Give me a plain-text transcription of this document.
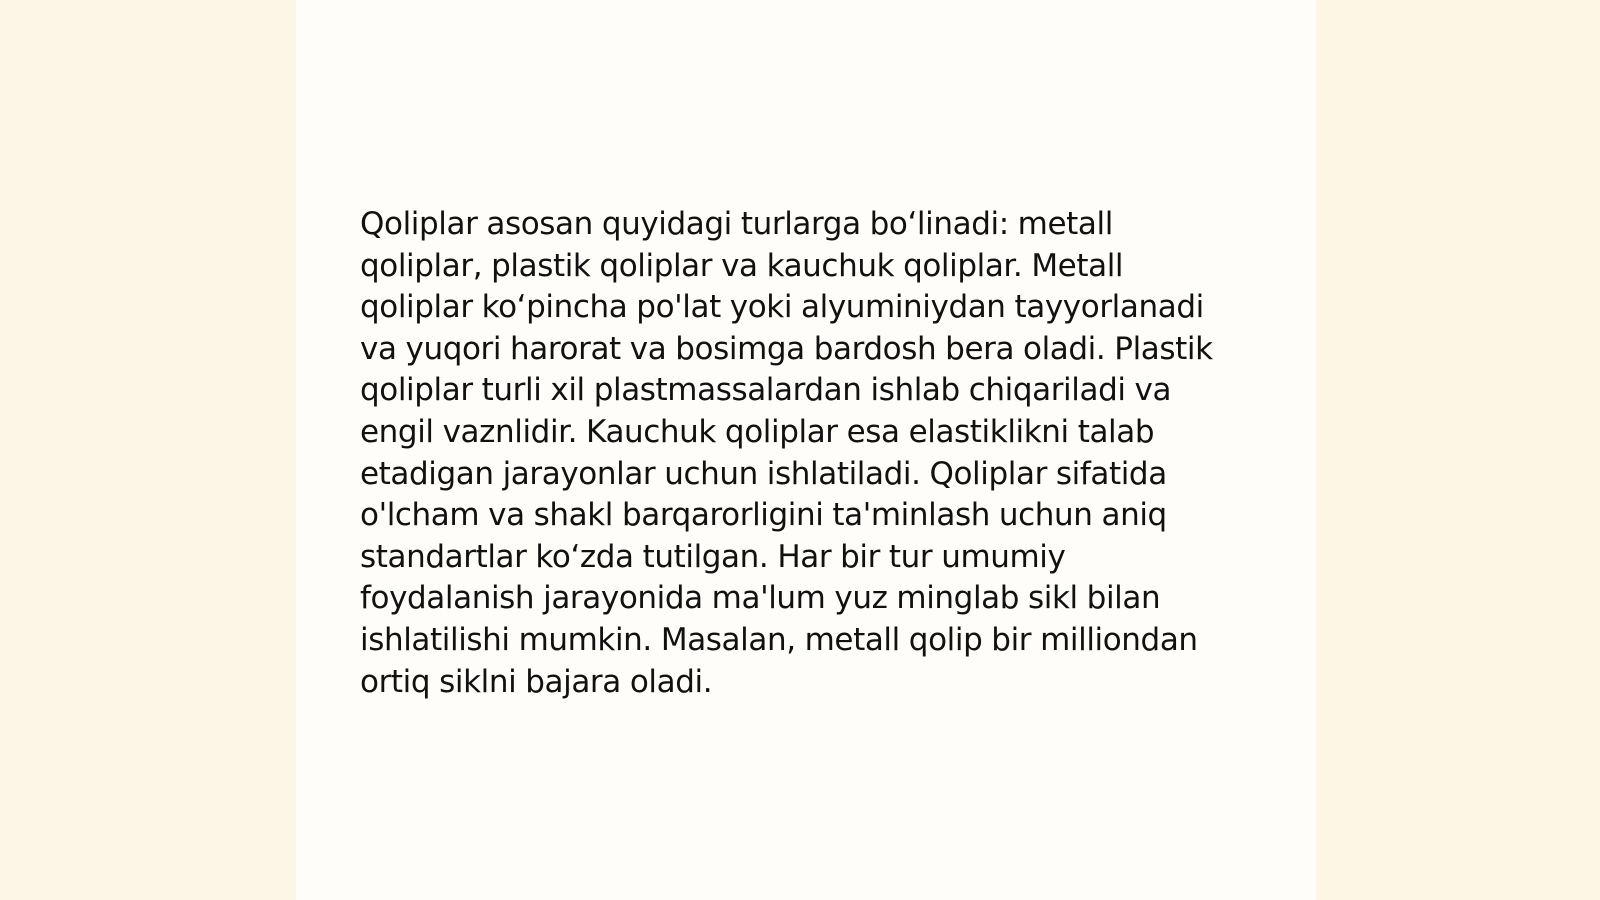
Qoliplar asosan quyidagi turlarga bo‘linadi: metall qoliplar, plastik qoliplar va kauchuk qoliplar. Metall qoliplar ko‘pincha po'lat yoki alyuminiydan tayyorlanadi va yuqori harorat va bosimga bardosh bera oladi. Plastik qoliplar turli xil plastmassalardan ishlab chiqariladi va engil vaznlidir. Kauchuk qoliplar esa elastiklikni talab etadigan jarayonlar uchun ishlatiladi. Qoliplar sifatida o'lcham va shakl barqarorligini ta'minlash uchun aniq standartlar ko‘zda tutilgan. Har bir tur umumiy foydalanish jarayonida ma'lum yuz minglab sikl bilan ishlatilishi mumkin. Masalan, metall qolip bir milliondan ortiq siklni bajara oladi.
